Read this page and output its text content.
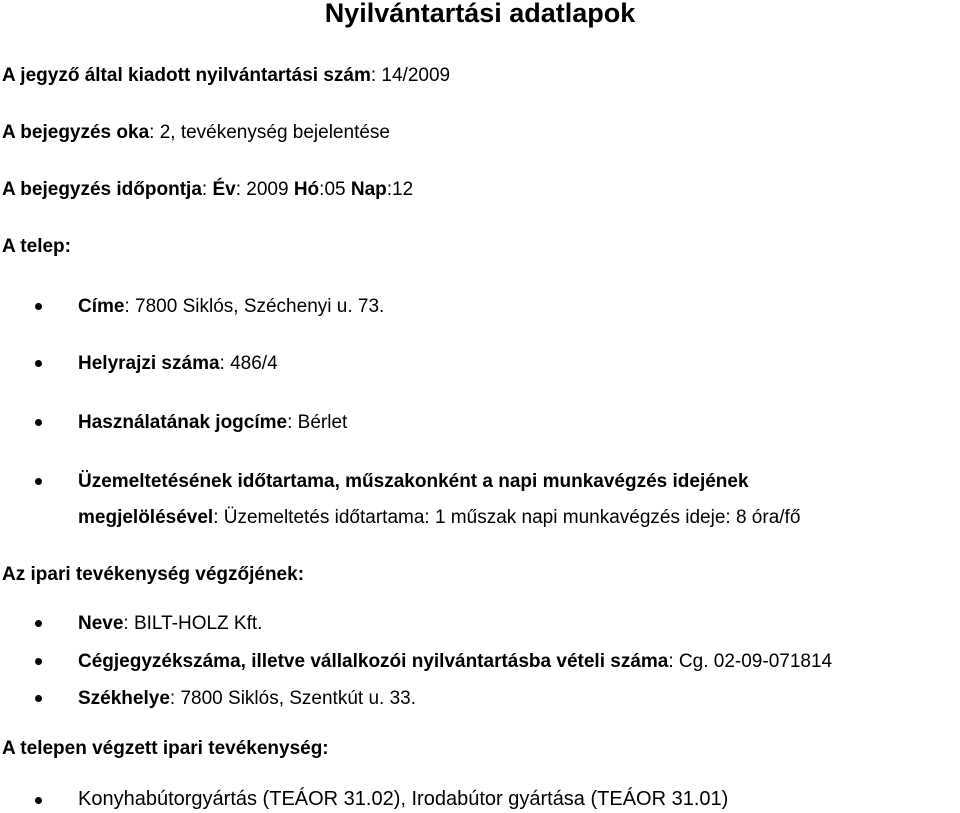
Nyilvántartási adatlapok
A jegyző által kiadott nyilvántartási szám: 14/2009
A bejegyzés oka: 2, tevékenység bejelentése
A bejegyzés időpontja: Év: 2009 Hó:05 Nap:12
A telep:
Címe: 7800 Siklós, Széchenyi u. 73.
Helyrajzi száma: 486/4
Használatának jogcíme: Bérlet
Üzemeltetésének időtartama, műszakonként a napi munkavégzés idejének
megjelölésével: Üzemeltetés időtartama: 1 műszak napi munkavégzés ideje: 8 óra/fő
Az ipari tevékenység végzőjének:
Neve: BILT-HOLZ Kft.
Cégjegyzékszáma, illetve vállalkozói nyilvántartásba vételi száma: Cg. 02-09-071814
Székhelye: 7800 Siklós, Szentkút u. 33.
A telepen végzett ipari tevékenység:
Konyhabútorgyártás (TEÁOR 31.02), Irodabútor gyártása (TEÁOR 31.01)
